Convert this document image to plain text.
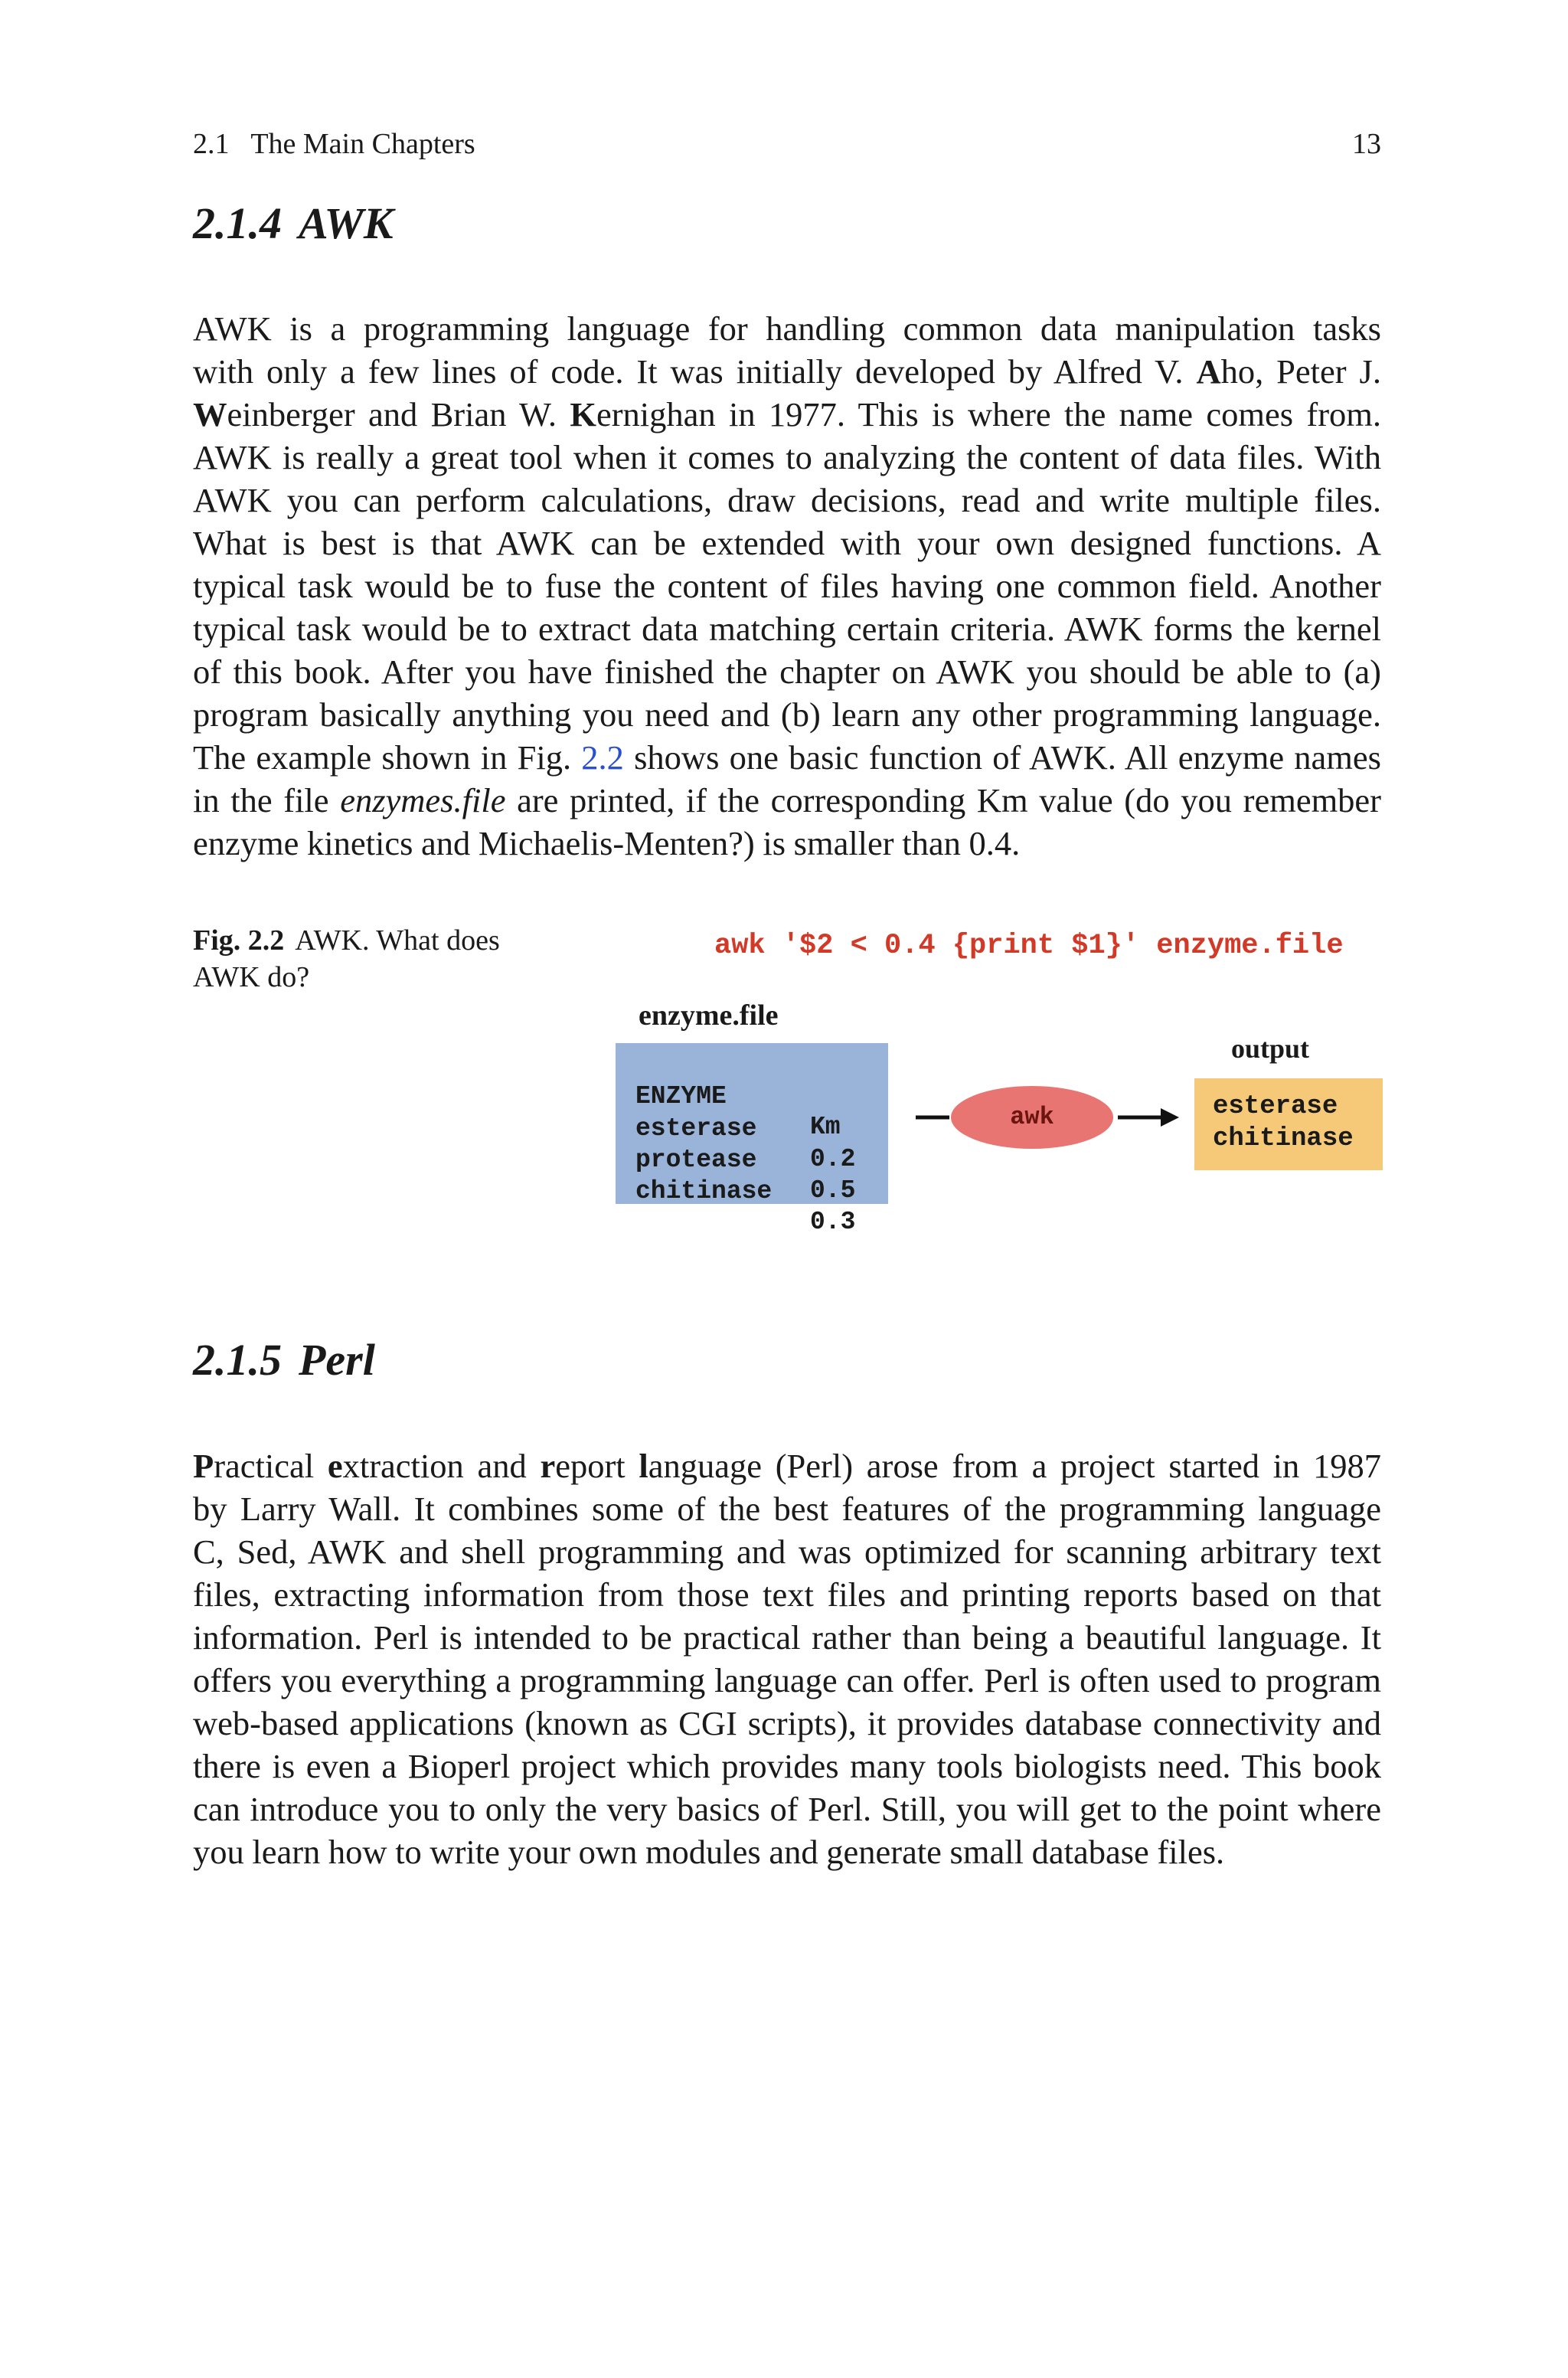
2.1   The Main Chapters	13
2.1.4 AWK
AWK is a programming language for handling common data manipulation tasks
with only a few lines of code. It was initially developed by Alfred V. Aho, Peter J.
Weinberger and Brian W. Kernighan in 1977. This is where the name comes from.
AWK is really a great tool when it comes to analyzing the content of data files. With
AWK you can perform calculations, draw decisions, read and write multiple files.
What is best is that AWK can be extended with your own designed functions. A
typical task would be to fuse the content of files having one common field. Another
typical task would be to extract data matching certain criteria. AWK forms the kernel
of this book. After you have finished the chapter on AWK you should be able to (a)
program basically anything you need and (b) learn any other programming language.
The example shown in Fig. 2.2 shows one basic function of AWK. All enzyme names
in the file enzymes.file are printed, if the corresponding Km value (do you remember
enzyme kinetics and Michaelis-Menten?) is smaller than 0.4.
Fig. 2.2 AWK. What does AWK do?
awk '$2 < 0.4 {print $1}' enzyme.file
enzyme.file

ENZYME

Km

esterase

0.2

protease

0.5

chitinase

0.3

awk
output
esterase
chitinase
2.1.5 Perl
Practical extraction and report language (Perl) arose from a project started in 1987
by Larry Wall. It combines some of the best features of the programming language
C, Sed, AWK and shell programming and was optimized for scanning arbitrary text
files, extracting information from those text files and printing reports based on that
information. Perl is intended to be practical rather than being a beautiful language. It
offers you everything a programming language can offer. Perl is often used to program
web-based applications (known as CGI scripts), it provides database connectivity and
there is even a Bioperl project which provides many tools biologists need. This book
can introduce you to only the very basics of Perl. Still, you will get to the point where
you learn how to write your own modules and generate small database files.
